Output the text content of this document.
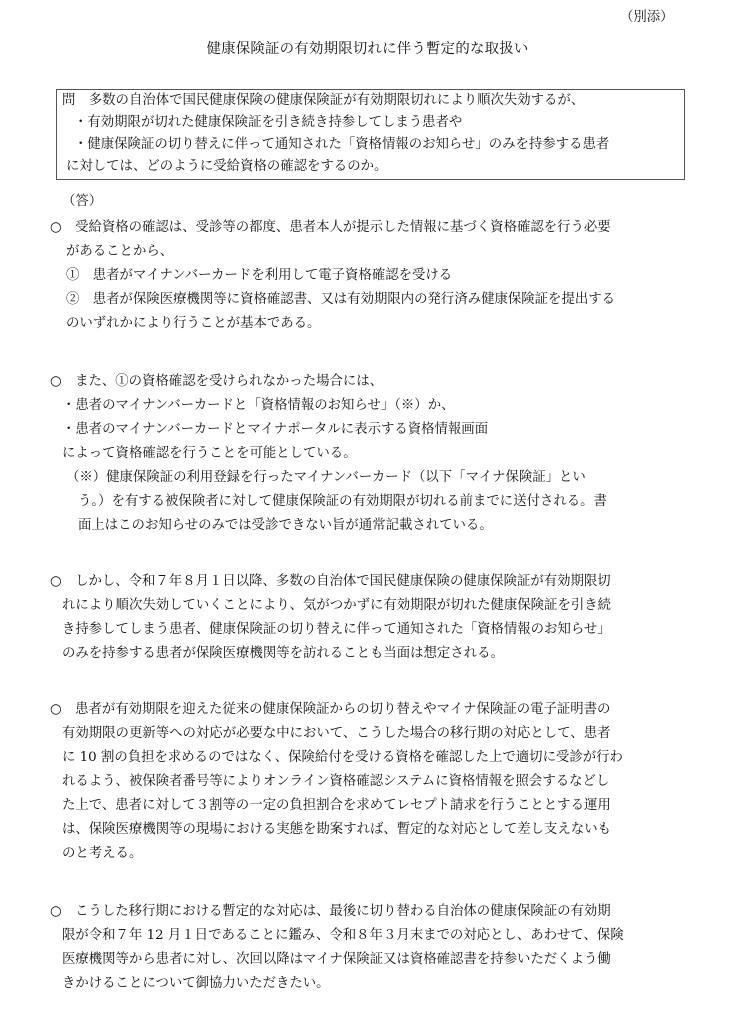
（別添）
健康保険証の有効期限切れに伴う暫定的な取扱い
問　多数の自治体で国民健康保険の健康保険証が有効期限切れにより順次失効するが、
・有効期限が切れた健康保険証を引き続き持参してしまう患者や
・健康保険証の切り替えに伴って通知された「資格情報のお知らせ」のみを持参する患者
に対しては、どのように受給資格の確認をするのか。
（答）
○　受給資格の確認は、受診等の都度、患者本人が提示した情報に基づく資格確認を行う必要
があることから、
①　患者がマイナンバーカードを利用して電子資格確認を受ける
②　患者が保険医療機関等に資格確認書、又は有効期限内の発行済み健康保険証を提出する
のいずれかにより行うことが基本である。
○　また、①の資格確認を受けられなかった場合には、
・患者のマイナンバーカードと「資格情報のお知らせ」（※）か、
・患者のマイナンバーカードとマイナポータルに表示する資格情報画面
によって資格確認を行うことを可能としている。
（※）健康保険証の利用登録を行ったマイナンバーカード（以下「マイナ保険証」とい
う。）を有する被保険者に対して健康保険証の有効期限が切れる前までに送付される。書
面上はこのお知らせのみでは受診できない旨が通常記載されている。
○　しかし、令和７年８月１日以降、多数の自治体で国民健康保険の健康保険証が有効期限切
れにより順次失効していくことにより、気がつかずに有効期限が切れた健康保険証を引き続
き持参してしまう患者、健康保険証の切り替えに伴って通知された「資格情報のお知らせ」
のみを持参する患者が保険医療機関等を訪れることも当面は想定される。
○　患者が有効期限を迎えた従来の健康保険証からの切り替えやマイナ保険証の電子証明書の
有効期限の更新等への対応が必要な中において、こうした場合の移行期の対応として、患者
に 10 割の負担を求めるのではなく、保険給付を受ける資格を確認した上で適切に受診が行わ
れるよう、被保険者番号等によりオンライン資格確認システムに資格情報を照会するなどし
た上で、患者に対して３割等の一定の負担割合を求めてレセプト請求を行うこととする運用
は、保険医療機関等の現場における実態を勘案すれば、暫定的な対応として差し支えないも
のと考える。
○　こうした移行期における暫定的な対応は、最後に切り替わる自治体の健康保険証の有効期
限が令和７年 12 月１日であることに鑑み、令和８年３月末までの対応とし、あわせて、保険
医療機関等から患者に対し、次回以降はマイナ保険証又は資格確認書を持参いただくよう働
きかけることについて御協力いただきたい。
